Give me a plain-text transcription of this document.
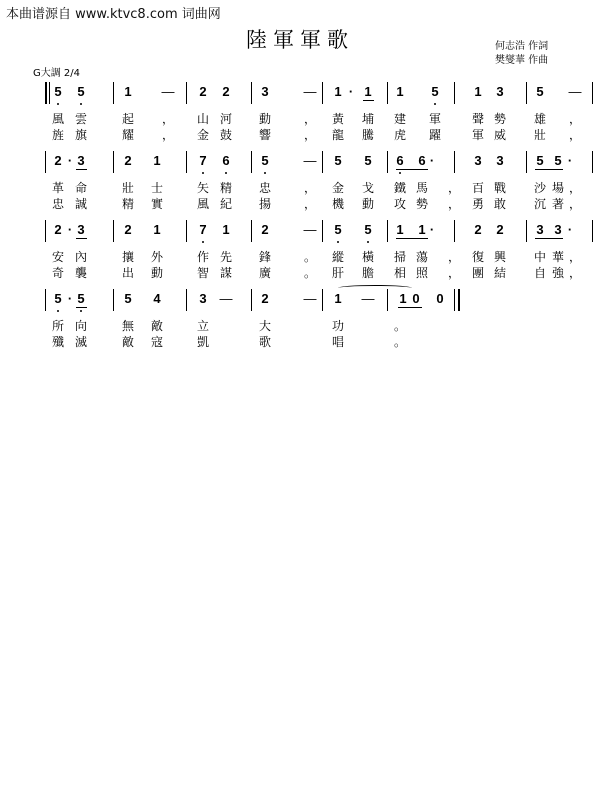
本曲谱源自 www.ktvc8.com 词曲网
陸軍軍歌	何志浩 作詞
樊燮華 作曲
G大調 2/4
5 5	1 — 2 2 3	— 1 · 1 1 5	1 3	5 —
風 雲	起 ， 山 河 動	， 黃 埔 建 軍	聲 勢 雄 ，
旌 旗	耀 ， 金 鼓 響	， 龍 騰 虎 躍	軍 威 壯 ，
2 · 3	2 1	7 6 5	— 5 5 6 6 ·	3 3	5 5 ·
革 命	壯 士	矢 精 忠	， 金 戈 鐵 馬 ， 百 戰 沙 場 ，
忠 誠	精 實	風 紀 揚	， 機 動 攻 勢 ， 勇 敢 沉 著 ，
2 · 3	2 1	7 1 2	— 5 5 1 1 ·	2 2	3 3 ·
安 內	攘 外	作 先 鋒	。 縱 橫 掃 蕩 ， 復 興 中 華 ，
奇 襲	出 動	智 謀 廣	。 肝 膽 相 照 ， 團 結 自 強 ，
5 · 5	5 4	3 — 2	— 1 — 1 0 0
所 向	無 敵	立	大	功	。
殲 滅	敵 寇	凱	歌	唱	。
